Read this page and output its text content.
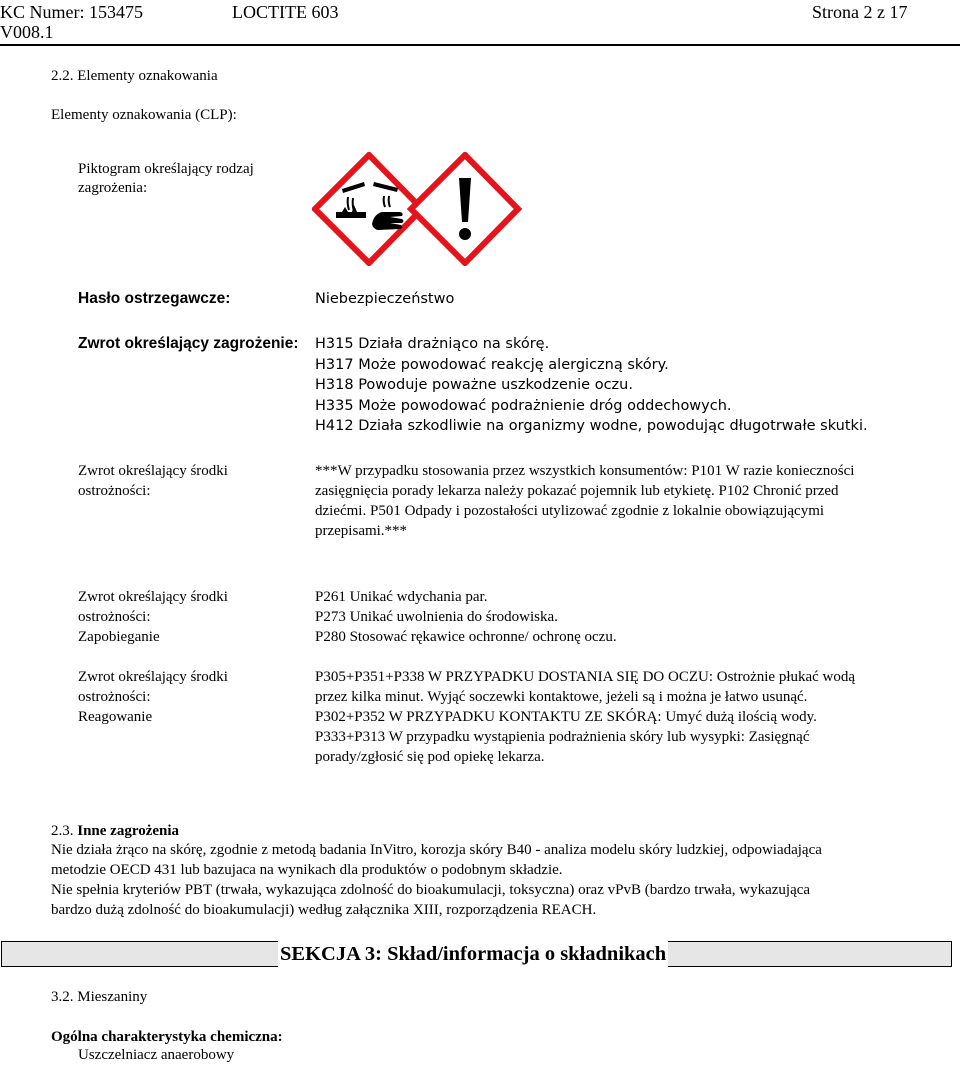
KC Numer: 153475	LOCTITE 603	Strona 2 z 17
V008.1
2.2. Elementy oznakowania
Elementy oznakowania (CLP):
Piktogram określający rodzaj
zagrożenia:
Hasło ostrzegawcze:	Niebezpieczeństwo
Zwrot określający zagrożenie: H315 Działa drażniąco na skórę.
H317 Może powodować reakcję alergiczną skóry.
H318 Powoduje poważne uszkodzenie oczu.
H335 Może powodować podrażnienie dróg oddechowych.
H412 Działa szkodliwie na organizmy wodne, powodując długotrwałe skutki.
Zwrot określający środki
ostrożności:
***W przypadku stosowania przez wszystkich konsumentów: P101 W razie konieczności
zasięgnięcia porady lekarza należy pokazać pojemnik lub etykietę. P102 Chronić przed
dziećmi. P501 Odpady i pozostałości utylizować zgodnie z lokalnie obowiązującymi
przepisami.***
Zwrot określający środki
ostrożności:
Zapobieganie
P261 Unikać wdychania par.
P273 Unikać uwolnienia do środowiska.
P280 Stosować rękawice ochronne/ ochronę oczu.
Zwrot określający środki
ostrożności:
Reagowanie
P305+P351+P338 W PRZYPADKU DOSTANIA SIĘ DO OCZU: Ostrożnie płukać wodą
przez kilka minut. Wyjąć soczewki kontaktowe, jeżeli są i można je łatwo usunąć.
P302+P352 W PRZYPADKU KONTAKTU ZE SKÓRĄ: Umyć dużą ilością wody.
P333+P313 W przypadku wystąpienia podrażnienia skóry lub wysypki: Zasięgnąć
porady/zgłosić się pod opiekę lekarza.
2.3. Inne zagrożenia
Nie działa żrąco na skórę, zgodnie z metodą badania InVitro, korozja skóry B40 - analiza modelu skóry ludzkiej, odpowiadająca
metodzie OECD 431 lub bazujaca na wynikach dla produktów o podobnym składzie.
Nie spełnia kryteriów PBT (trwała, wykazująca zdolność do bioakumulacji, toksyczna) oraz vPvB (bardzo trwała, wykazująca
bardzo dużą zdolność do bioakumulacji) według załącznika XIII, rozporządzenia REACH.
SEKCJA 3: Skład/informacja o składnikach
3.2. Mieszaniny
Ogólna charakterystyka chemiczna:
Uszczelniacz anaerobowy
